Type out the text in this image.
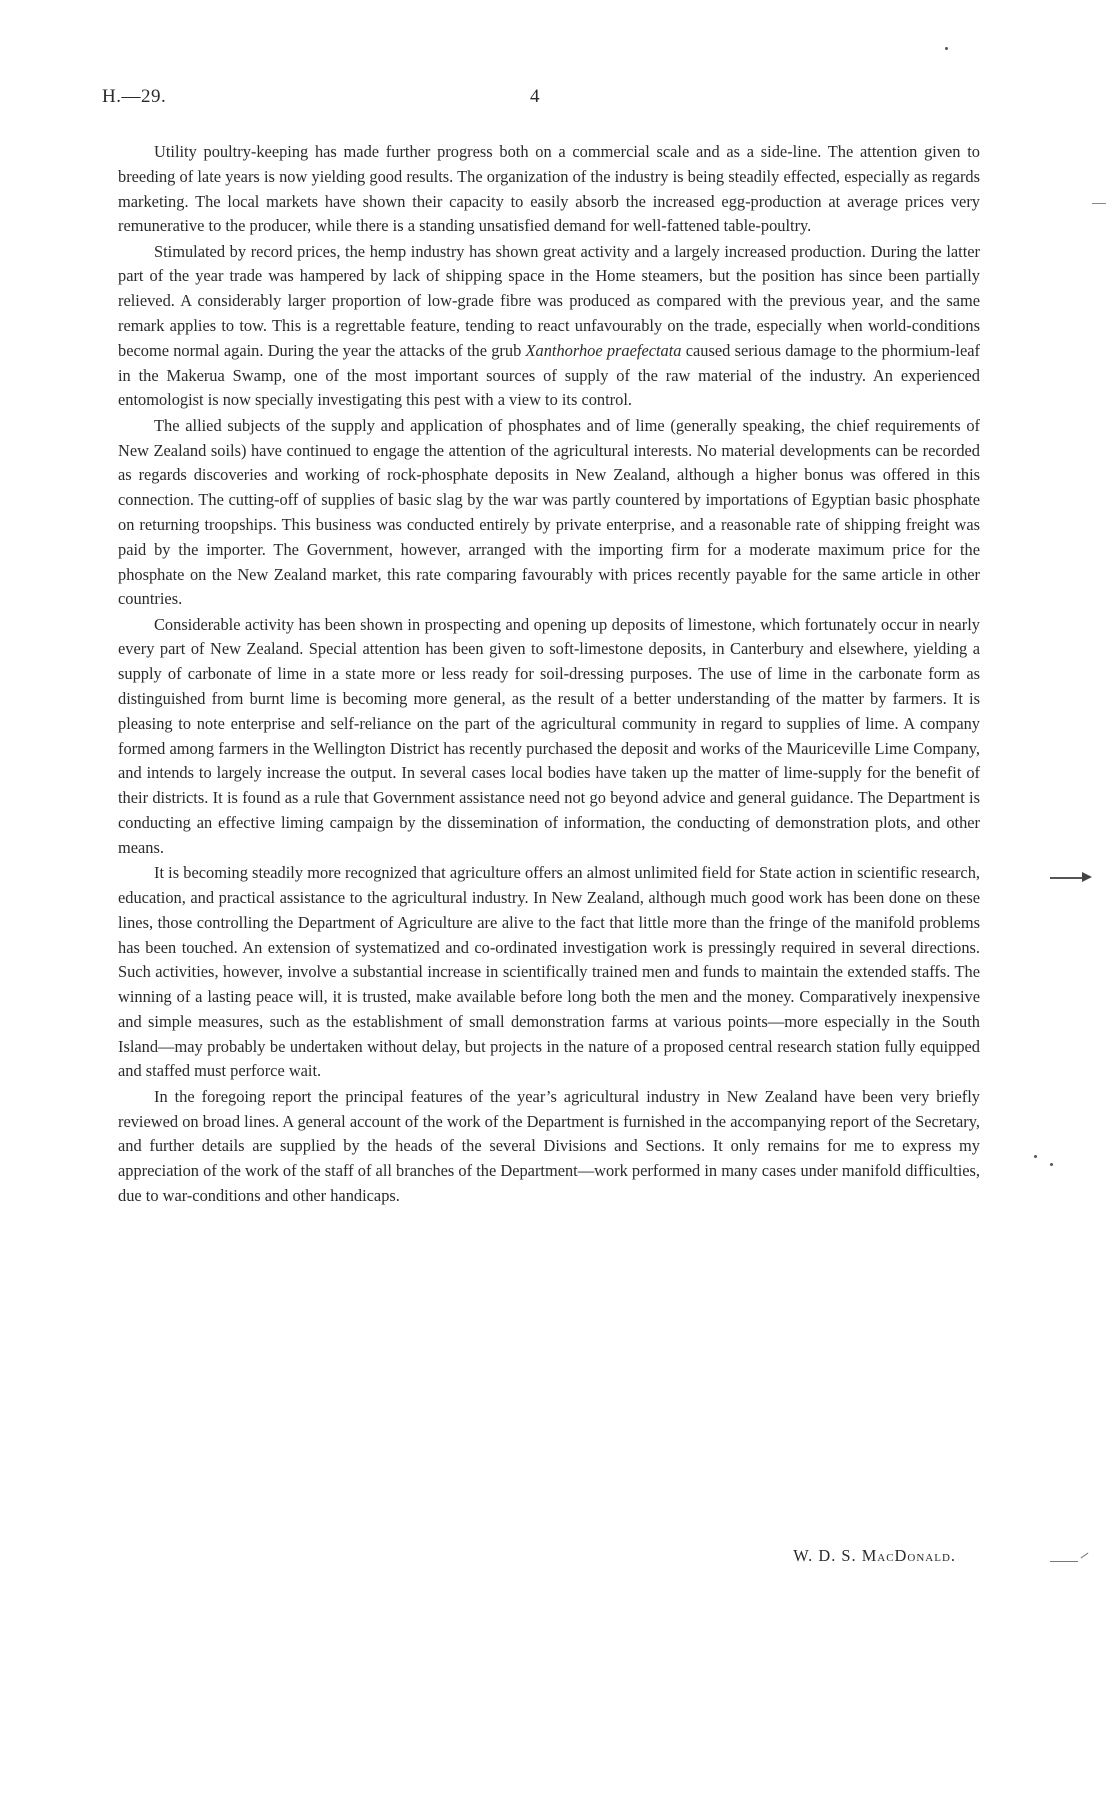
H.—29.	4

Utility poultry-keeping has made further progress both on a commercial scale and as a side-line. The attention given to breeding of late years is now yielding good results. The organization of the industry is being steadily effected, especially as regards marketing. The local markets have shown their capacity to easily absorb the increased egg-production at average prices very remunerative to the producer, while there is a standing unsatisfied demand for well-fattened table-poultry.

Stimulated by record prices, the hemp industry has shown great activity and a largely increased production. During the latter part of the year trade was hampered by lack of shipping space in the Home steamers, but the position has since been partially relieved. A considerably larger proportion of low-grade fibre was produced as compared with the previous year, and the same remark applies to tow. This is a regrettable feature, tending to react unfavourably on the trade, especially when world-conditions become normal again. During the year the attacks of the grub Xanthorhoe praefectata caused serious damage to the phormium-leaf in the Makerua Swamp, one of the most important sources of supply of the raw material of the industry. An experienced entomologist is now specially investigating this pest with a view to its control.

The allied subjects of the supply and application of phosphates and of lime (generally speaking, the chief requirements of New Zealand soils) have continued to engage the attention of the agricultural interests. No material developments can be recorded as regards discoveries and working of rock-phosphate deposits in New Zealand, although a higher bonus was offered in this connection. The cutting-off of supplies of basic slag by the war was partly countered by importations of Egyptian basic phosphate on returning troopships. This business was conducted entirely by private enterprise, and a reasonable rate of shipping freight was paid by the importer. The Government, however, arranged with the importing firm for a moderate maximum price for the phosphate on the New Zealand market, this rate comparing favourably with prices recently payable for the same article in other countries.

Considerable activity has been shown in prospecting and opening up deposits of limestone, which fortunately occur in nearly every part of New Zealand. Special attention has been given to soft-limestone deposits, in Canterbury and elsewhere, yielding a supply of carbonate of lime in a state more or less ready for soil-dressing purposes. The use of lime in the carbonate form as distinguished from burnt lime is becoming more general, as the result of a better understanding of the matter by farmers. It is pleasing to note enterprise and self-reliance on the part of the agricultural community in regard to supplies of lime. A company formed among farmers in the Wellington District has recently purchased the deposit and works of the Mauriceville Lime Company, and intends to largely increase the output. In several cases local bodies have taken up the matter of lime-supply for the benefit of their districts. It is found as a rule that Government assistance need not go beyond advice and general guidance. The Department is conducting an effective liming campaign by the dissemination of information, the conducting of demonstration plots, and other means.

It is becoming steadily more recognized that agriculture offers an almost unlimited field for State action in scientific research, education, and practical assistance to the agricultural industry. In New Zealand, although much good work has been done on these lines, those controlling the Department of Agriculture are alive to the fact that little more than the fringe of the manifold problems has been touched. An extension of systematized and co-ordinated investigation work is pressingly required in several directions. Such activities, however, involve a substantial increase in scientifically trained men and funds to maintain the extended staffs. The winning of a lasting peace will, it is trusted, make available before long both the men and the money. Comparatively inexpensive and simple measures, such as the establishment of small demonstration farms at various points—more especially in the South Island—may probably be undertaken without delay, but projects in the nature of a proposed central research station fully equipped and staffed must perforce wait.

In the foregoing report the principal features of the year’s agricultural industry in New Zealand have been very briefly reviewed on broad lines. A general account of the work of the Department is furnished in the accompanying report of the Secretary, and further details are supplied by the heads of the several Divisions and Sections. It only remains for me to express my appreciation of the work of the staff of all branches of the Department—work performed in many cases under manifold difficulties, due to war-conditions and other handicaps.

W. D. S. MacDonald.
